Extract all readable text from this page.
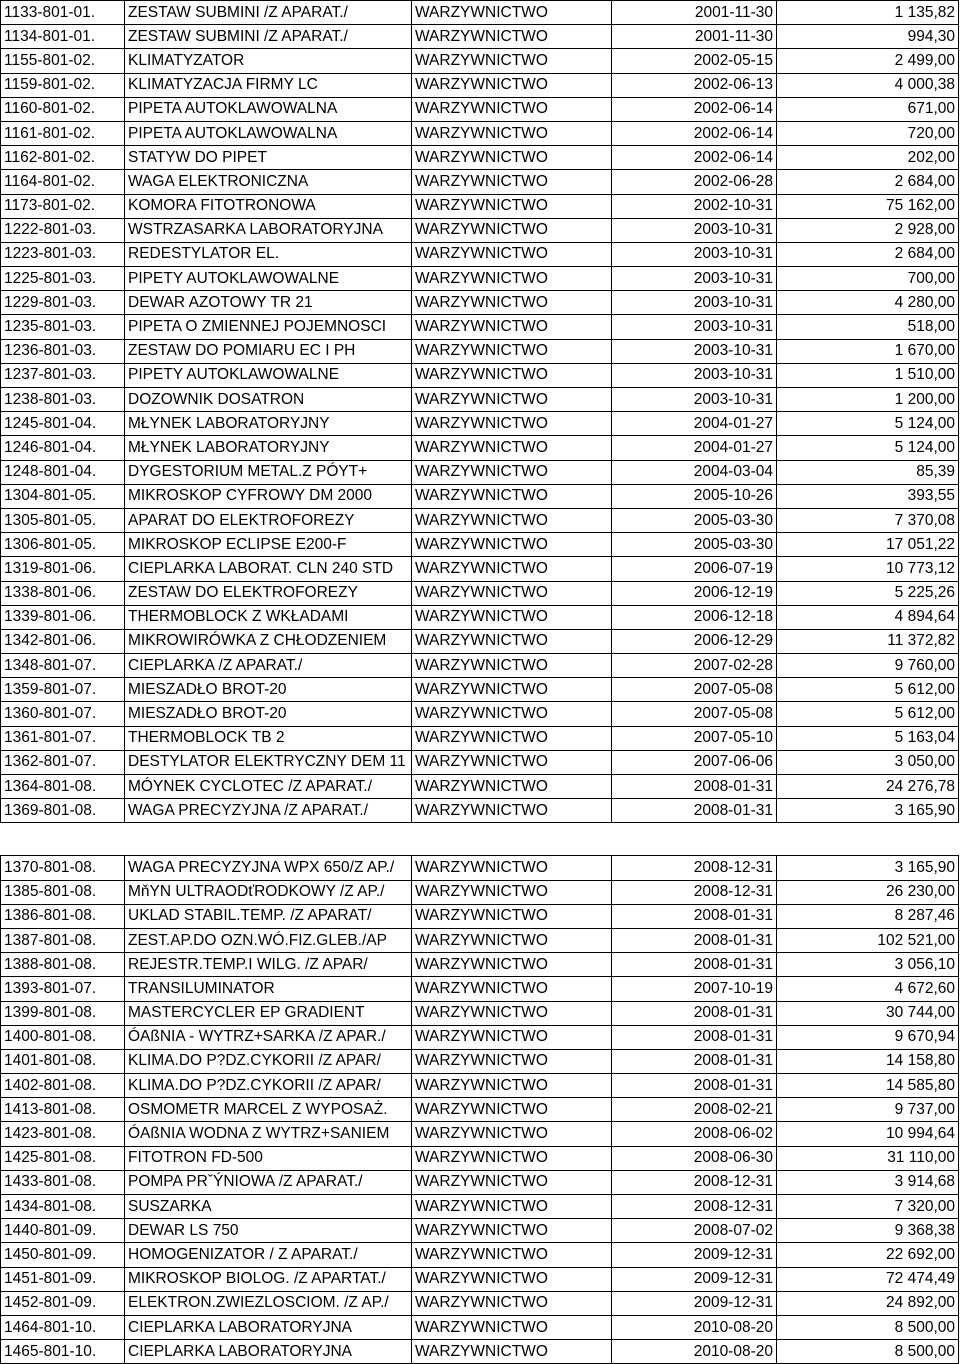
1133-801-01.	ZESTAW SUBMINI /Z APARAT./	WARZYWNICTWO	2001-11-30	1 135,82
1134-801-01.	ZESTAW SUBMINI /Z APARAT./	WARZYWNICTWO	2001-11-30	994,30
1155-801-02.	KLIMATYZATOR	WARZYWNICTWO	2002-05-15	2 499,00
1159-801-02.	KLIMATYZACJA FIRMY LC	WARZYWNICTWO	2002-06-13	4 000,38
1160-801-02.	PIPETA AUTOKLAWOWALNA	WARZYWNICTWO	2002-06-14	671,00
1161-801-02.	PIPETA AUTOKLAWOWALNA	WARZYWNICTWO	2002-06-14	720,00
1162-801-02.	STATYW DO PIPET	WARZYWNICTWO	2002-06-14	202,00
1164-801-02.	WAGA ELEKTRONICZNA	WARZYWNICTWO	2002-06-28	2 684,00
1173-801-02.	KOMORA FITOTRONOWA	WARZYWNICTWO	2002-10-31	75 162,00
1222-801-03.	WSTRZASARKA LABORATORYJNA	WARZYWNICTWO	2003-10-31	2 928,00
1223-801-03.	REDESTYLATOR EL.	WARZYWNICTWO	2003-10-31	2 684,00
1225-801-03.	PIPETY AUTOKLAWOWALNE	WARZYWNICTWO	2003-10-31	700,00
1229-801-03.	DEWAR AZOTOWY TR 21	WARZYWNICTWO	2003-10-31	4 280,00
1235-801-03.	PIPETA O ZMIENNEJ POJEMNOSCI	WARZYWNICTWO	2003-10-31	518,00
1236-801-03.	ZESTAW DO POMIARU EC I PH	WARZYWNICTWO	2003-10-31	1 670,00
1237-801-03.	PIPETY AUTOKLAWOWALNE	WARZYWNICTWO	2003-10-31	1 510,00
1238-801-03.	DOZOWNIK DOSATRON	WARZYWNICTWO	2003-10-31	1 200,00
1245-801-04.	MŁYNEK LABORATORYJNY	WARZYWNICTWO	2004-01-27	5 124,00
1246-801-04.	MŁYNEK LABORATORYJNY	WARZYWNICTWO	2004-01-27	5 124,00
1248-801-04.	DYGESTORIUM METAL.Z PÓYT+	WARZYWNICTWO	2004-03-04	85,39
1304-801-05.	MIKROSKOP CYFROWY DM 2000	WARZYWNICTWO	2005-10-26	393,55
1305-801-05.	APARAT DO ELEKTROFOREZY	WARZYWNICTWO	2005-03-30	7 370,08
1306-801-05.	MIKROSKOP ECLIPSE E200-F	WARZYWNICTWO	2005-03-30	17 051,22
1319-801-06.	CIEPLARKA LABORAT. CLN 240 STD	WARZYWNICTWO	2006-07-19	10 773,12
1338-801-06.	ZESTAW DO ELEKTROFOREZY	WARZYWNICTWO	2006-12-19	5 225,26
1339-801-06.	THERMOBLOCK Z WKŁADAMI	WARZYWNICTWO	2006-12-18	4 894,64
1342-801-06.	MIKROWIRÓWKA Z CHŁODZENIEM	WARZYWNICTWO	2006-12-29	11 372,82
1348-801-07.	CIEPLARKA /Z APARAT./	WARZYWNICTWO	2007-02-28	9 760,00
1359-801-07.	MIESZADŁO BROT-20	WARZYWNICTWO	2007-05-08	5 612,00
1360-801-07.	MIESZADŁO BROT-20	WARZYWNICTWO	2007-05-08	5 612,00
1361-801-07.	THERMOBLOCK TB 2	WARZYWNICTWO	2007-05-10	5 163,04
1362-801-07.	DESTYLATOR ELEKTRYCZNY DEM 11	WARZYWNICTWO	2007-06-06	3 050,00
1364-801-08.	MÓYNEK CYCLOTEC /Z APARAT./	WARZYWNICTWO	2008-01-31	24 276,78
1369-801-08.	WAGA PRECYZYJNA /Z APARAT./	WARZYWNICTWO	2008-01-31	3 165,90

1370-801-08.	WAGA PRECYZYJNA WPX 650/Z AP./	WARZYWNICTWO	2008-12-31	3 165,90
1385-801-08.	MňYN ULTRAODťRODKOWY /Z AP./	WARZYWNICTWO	2008-12-31	26 230,00
1386-801-08.	UKLAD STABIL.TEMP. /Z APARAT/	WARZYWNICTWO	2008-01-31	8 287,46
1387-801-08.	ZEST.AP.DO OZN.WÓ.FIZ.GLEB./AP	WARZYWNICTWO	2008-01-31	102 521,00
1388-801-08.	REJESTR.TEMP.I WILG. /Z APAR/	WARZYWNICTWO	2008-01-31	3 056,10
1393-801-07.	TRANSILUMINATOR	WARZYWNICTWO	2007-10-19	4 672,60
1399-801-08.	MASTERCYCLER EP GRADIENT	WARZYWNICTWO	2008-01-31	30 744,00
1400-801-08.	ÓAßNIA - WYTRZ+SARKA /Z APAR./	WARZYWNICTWO	2008-01-31	9 670,94
1401-801-08.	KLIMA.DO P?DZ.CYKORII /Z APAR/	WARZYWNICTWO	2008-01-31	14 158,80
1402-801-08.	KLIMA.DO P?DZ.CYKORII /Z APAR/	WARZYWNICTWO	2008-01-31	14 585,80
1413-801-08.	OSMOMETR MARCEL Z WYPOSAŻ.	WARZYWNICTWO	2008-02-21	9 737,00
1423-801-08.	ÓAßNIA WODNA Z WYTRZ+SANIEM	WARZYWNICTWO	2008-06-02	10 994,64
1425-801-08.	FITOTRON FD-500	WARZYWNICTWO	2008-06-30	31 110,00
1433-801-08.	POMPA PRˇÝNIOWA /Z APARAT./	WARZYWNICTWO	2008-12-31	3 914,68
1434-801-08.	SUSZARKA	WARZYWNICTWO	2008-12-31	7 320,00
1440-801-09.	DEWAR LS 750	WARZYWNICTWO	2008-07-02	9 368,38
1450-801-09.	HOMOGENIZATOR / Z APARAT./	WARZYWNICTWO	2009-12-31	22 692,00
1451-801-09.	MIKROSKOP BIOLOG. /Z APARTAT./	WARZYWNICTWO	2009-12-31	72 474,49
1452-801-09.	ELEKTRON.ZWIEZLOSCIOM. /Z AP./	WARZYWNICTWO	2009-12-31	24 892,00
1464-801-10.	CIEPLARKA LABORATORYJNA	WARZYWNICTWO	2010-08-20	8 500,00
1465-801-10.	CIEPLARKA LABORATORYJNA	WARZYWNICTWO	2010-08-20	8 500,00
